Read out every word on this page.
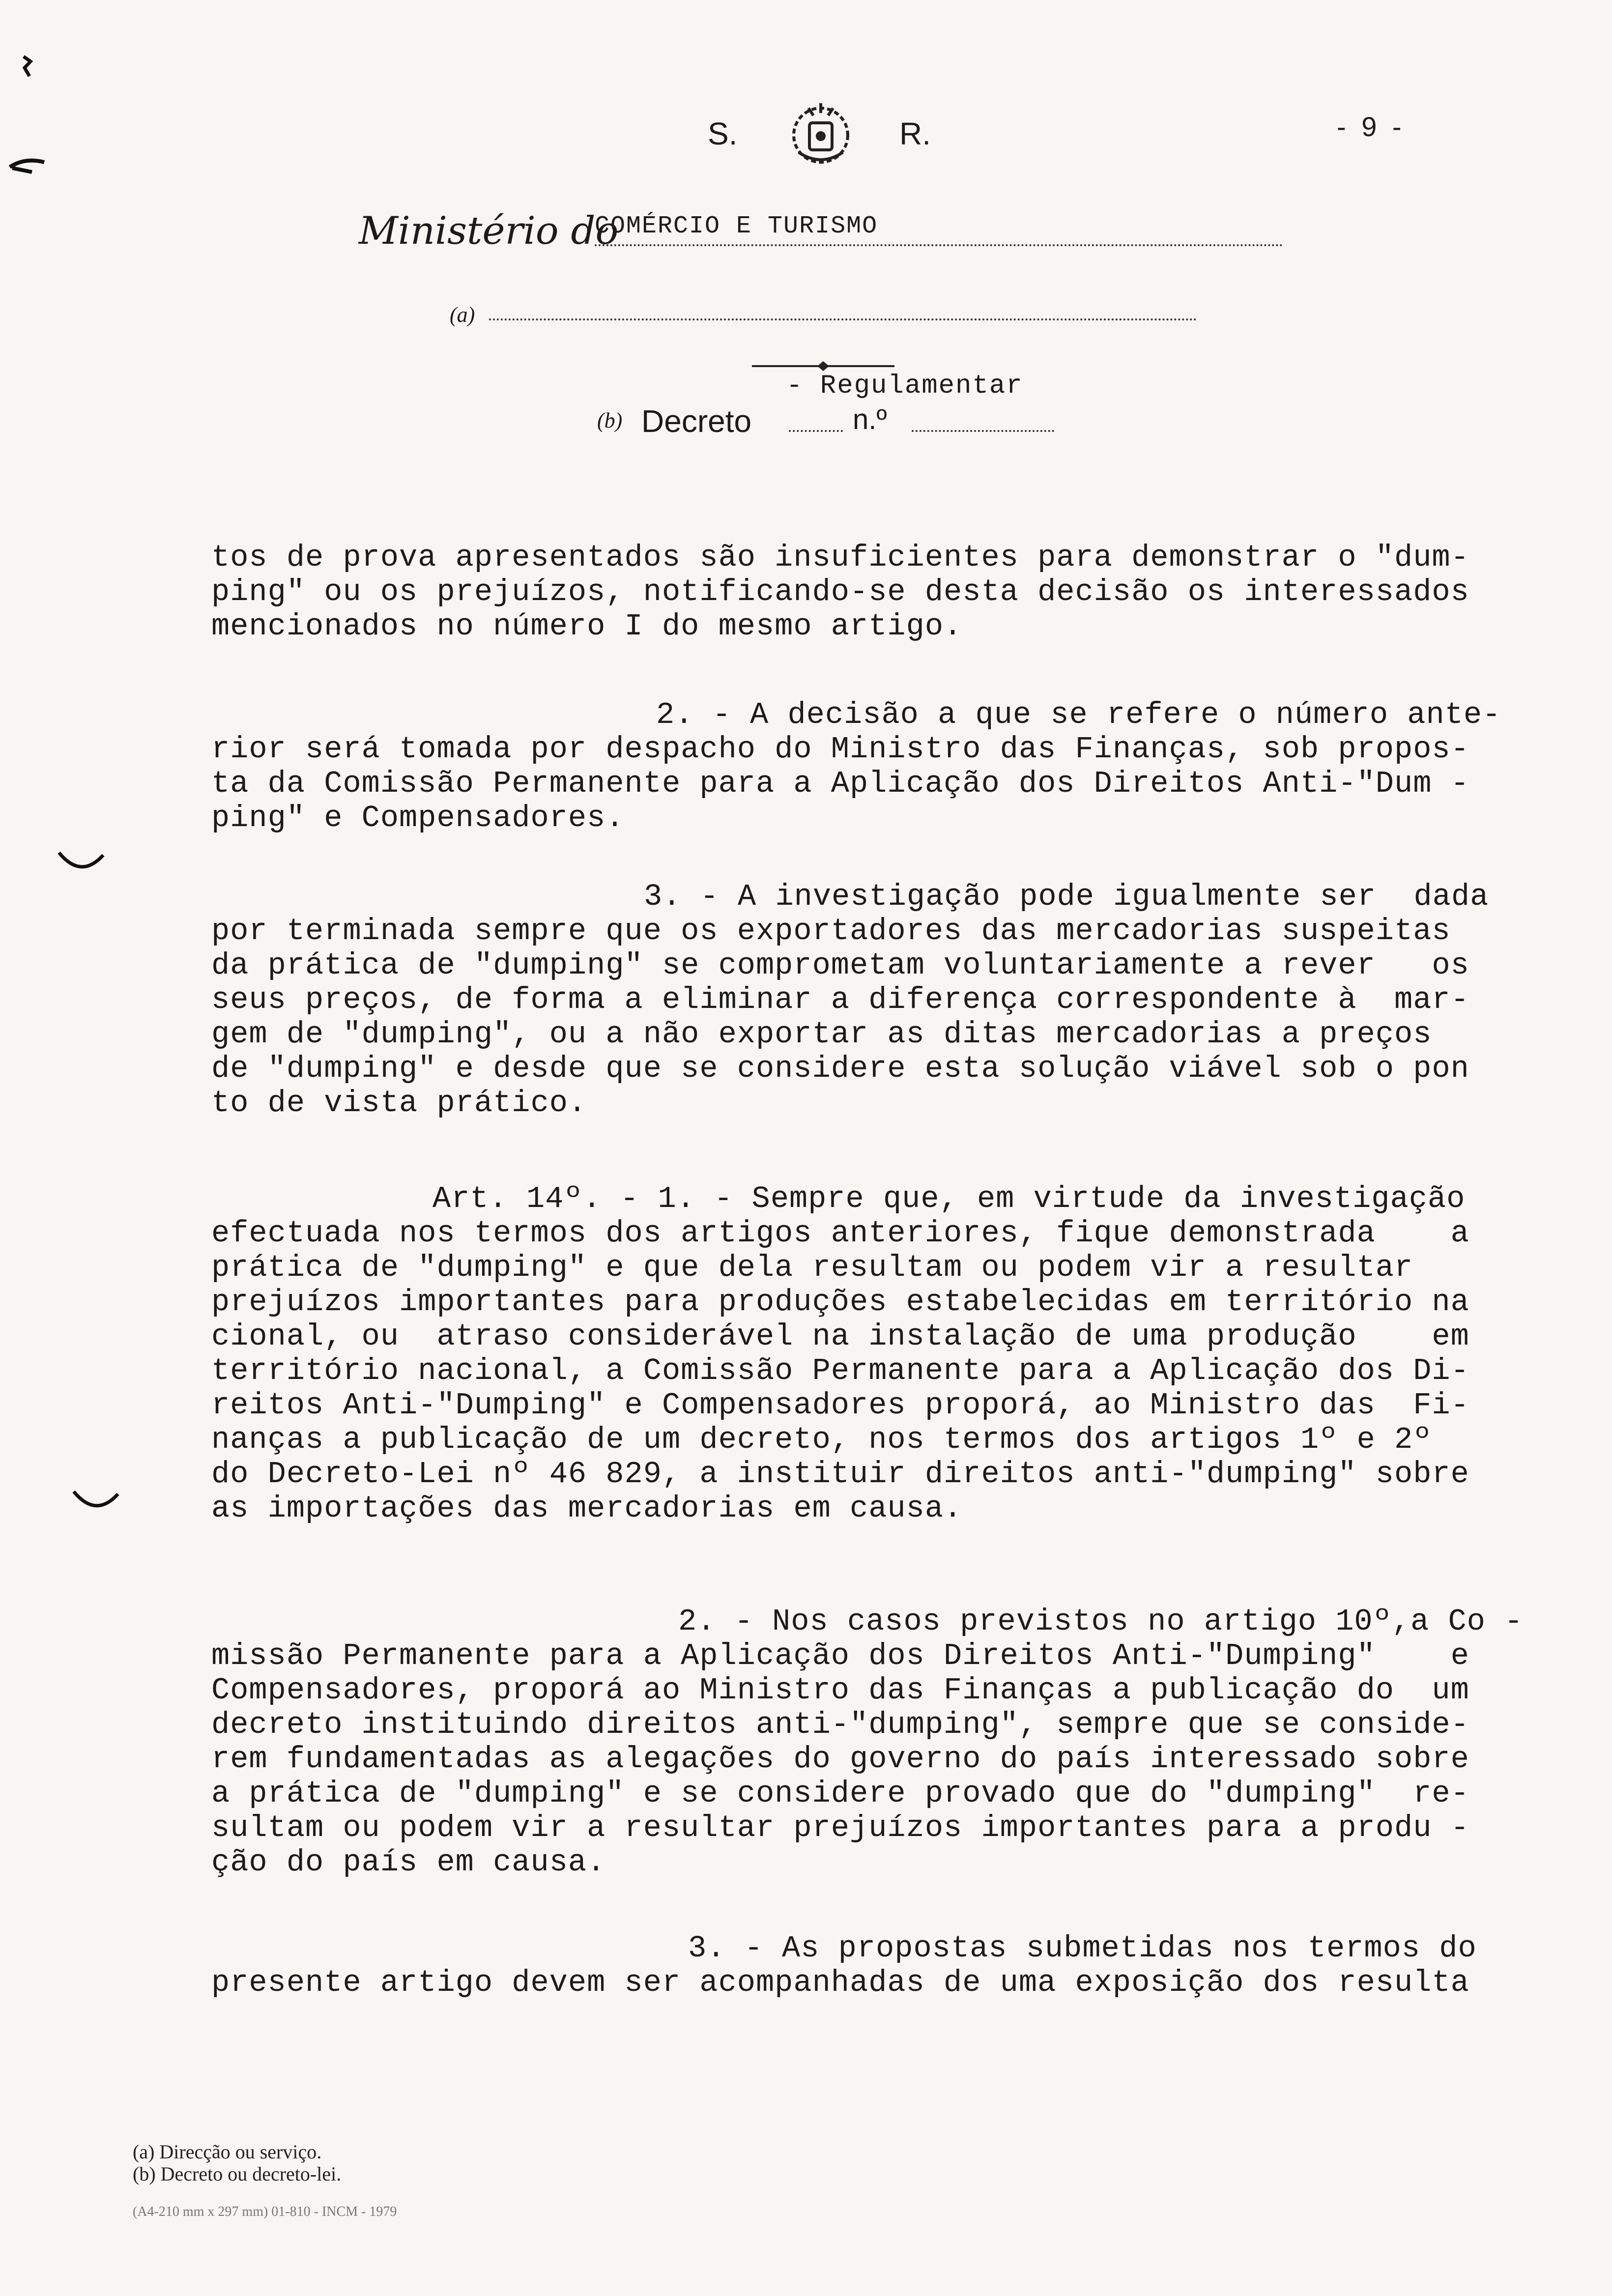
S.	R.	- 9 -
Ministério do
COMÉRCIO E TURISMO
(a)
- Regulamentar
(b) Decreto	n.º
tos de prova apresentados são insuficientes para demonstrar o "dum-
ping" ou os prejuízos, notificando-se desta decisão os interessados
mencionados no número I do mesmo artigo.
2. - A decisão a que se refere o número ante-
rior será tomada por despacho do Ministro das Finanças, sob propos-
ta da Comissão Permanente para a Aplicação dos Direitos Anti-"Dum -
ping" e Compensadores.
3. - A investigação pode igualmente ser  dada
por terminada sempre que os exportadores das mercadorias suspeitas
da prática de "dumping" se comprometam voluntariamente a rever   os
seus preços, de forma a eliminar a diferença correspondente à  mar-
gem de "dumping", ou a não exportar as ditas mercadorias a preços
de "dumping" e desde que se considere esta solução viável sob o pon
to de vista prático.
Art. 14º. - 1. - Sempre que, em virtude da investigação
efectuada nos termos dos artigos anteriores, fique demonstrada    a
prática de "dumping" e que dela resultam ou podem vir a resultar
prejuízos importantes para produções estabelecidas em território na
cional, ou  atraso considerável na instalação de uma produção    em
território nacional, a Comissão Permanente para a Aplicação dos Di-
reitos Anti-"Dumping" e Compensadores proporá, ao Ministro das  Fi-
nanças a publicação de um decreto, nos termos dos artigos 1º e 2º
do Decreto-Lei nº 46 829, a instituir direitos anti-"dumping" sobre
as importações das mercadorias em causa.
2. - Nos casos previstos no artigo 10º,a Co -
missão Permanente para a Aplicação dos Direitos Anti-"Dumping"    e
Compensadores, proporá ao Ministro das Finanças a publicação do  um
decreto instituindo direitos anti-"dumping", sempre que se conside-
rem fundamentadas as alegações do governo do país interessado sobre
a prática de "dumping" e se considere provado que do "dumping"  re-
sultam ou podem vir a resultar prejuízos importantes para a produ -
ção do país em causa.
3. - As propostas submetidas nos termos do
presente artigo devem ser acompanhadas de uma exposição dos resulta
(a) Direcção ou serviço.
(b) Decreto ou decreto-lei.
(A4-210 mm x 297 mm) 01-810 - INCM - 1979
